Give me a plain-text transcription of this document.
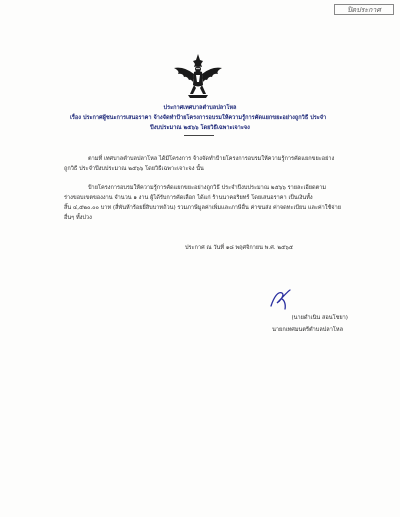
ปิดประกาศ
ประกาศเทศบาลตำบลปลาโหล
เรื่อง ประกาศผู้ชนะการเสนอราคา จ้างจัดทำป้ายโครงการอบรมให้ความรู้การคัดแยกขยะอย่างถูกวิธี ประจำ
ปีงบประมาณ ๒๕๖๖ โดยวิธีเฉพาะเจาะจง
ตามที่ เทศบาลตำบลปลาโหล ได้มีโครงการ จ้างจัดทำป้ายโครงการอบรมให้ความรู้การคัดแยกขยะอย่าง
ถูกวิธี ประจำปีงบประมาณ ๒๕๖๖ โดยวิธีเฉพาะเจาะจง นั้น
ป้ายโครงการอบรมให้ความรู้การคัดแยกขยะอย่างถูกวิธี ประจำปีงบประมาณ ๒๕๖๖ รายละเอียดตาม
ร่างขอบเขตของงาน จำนวน ๑ งาน ผู้ได้รับการคัดเลือก ได้แก่ ร้านนาคอริยทร์ โดยเสนอราคา เป็นเงินทั้ง
สิ้น ๔,๕๒๐.๐๐ บาท (สี่พันห้าร้อยยี่สิบบาทถ้วน) รวมภาษีมูลค่าเพิ่มและภาษีอื่น ค่าขนส่ง ค่าจดทะเบียน และค่าใช้จ่าย
อื่นๆ ทั้งปวง
ประกาศ ณ วันที่ ๑๘ พฤศจิกายน พ.ศ. ๒๕๖๕
(นายดำเนิน สอนโชยา)
นายกเทศมนตรีตำบลปลาโหล
